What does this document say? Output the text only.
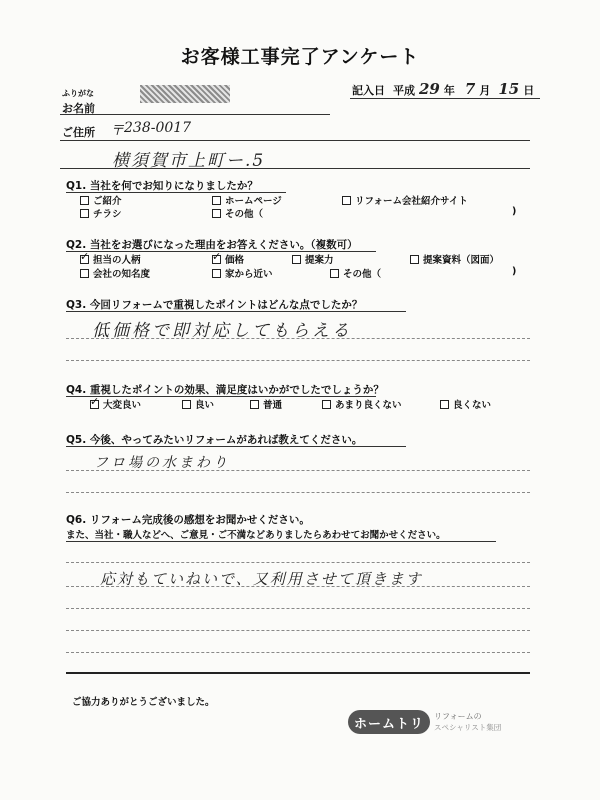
お客様工事完了アンケート
ふりがな
お名前
記入日 平成 29 年 7 月 15 日
ご住所 〒 238-0017
横須賀市上町ー.5
Q1. 当社を何でお知りになりましたか？
ご紹介	ホームページ	リフォーム会社紹介サイト
チラシ	その他（	)
Q2. 当社をお選びになった理由をお答えください。（複数可）
✓
担当の人柄
✓	価格	提案力	提案資料（図面）
会社の知名度	家から近い	その他（	)
Q3. 今回リフォームで重視したポイントはどんな点でしたか？
低価格で即対応してもらえる
Q4. 重視したポイントの効果、満足度はいかがでしたでしょうか？
✓
大変良い	良い	普通	あまり良くない	良くない
Q5. 今後、やってみたいリフォームがあれば教えてください。
フロ場の水まわり
Q6. リフォーム完成後の感想をお聞かせください。
また、当社・職人などへ、ご意見・ご不満などありましたらあわせてお聞かせください。
応対もていねいで、又利用させて頂きます
ご協力ありがとうございました。
ホームトリ	リフォームの
スペシャリスト集団
